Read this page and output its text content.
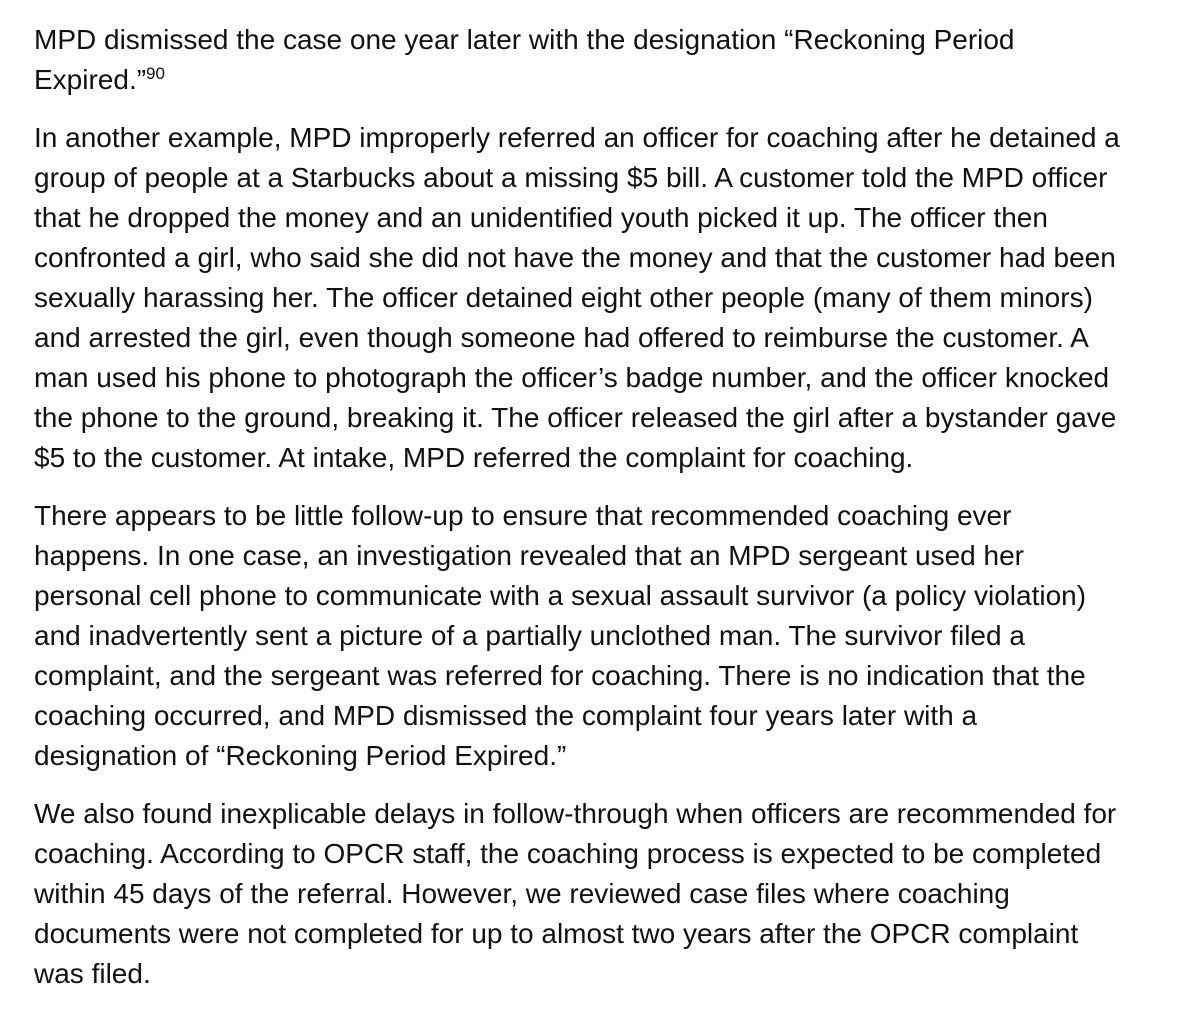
MPD dismissed the case one year later with the designation “Reckoning Period
Expired.”$^{90}$

In another example, MPD improperly referred an officer for coaching after he detained a
group of people at a Starbucks about a missing $5 bill. A customer told the MPD officer
that he dropped the money and an unidentified youth picked it up. The officer then
confronted a girl, who said she did not have the money and that the customer had been
sexually harassing her. The officer detained eight other people (many of them minors)
and arrested the girl, even though someone had offered to reimburse the customer. A
man used his phone to photograph the officer’s badge number, and the officer knocked
the phone to the ground, breaking it. The officer released the girl after a bystander gave
$5 to the customer. At intake, MPD referred the complaint for coaching.

There appears to be little follow-up to ensure that recommended coaching ever
happens. In one case, an investigation revealed that an MPD sergeant used her
personal cell phone to communicate with a sexual assault survivor (a policy violation)
and inadvertently sent a picture of a partially unclothed man. The survivor filed a
complaint, and the sergeant was referred for coaching. There is no indication that the
coaching occurred, and MPD dismissed the complaint four years later with a
designation of “Reckoning Period Expired.”

We also found inexplicable delays in follow-through when officers are recommended for
coaching. According to OPCR staff, the coaching process is expected to be completed
within 45 days of the referral. However, we reviewed case files where coaching
documents were not completed for up to almost two years after the OPCR complaint
was filed.
